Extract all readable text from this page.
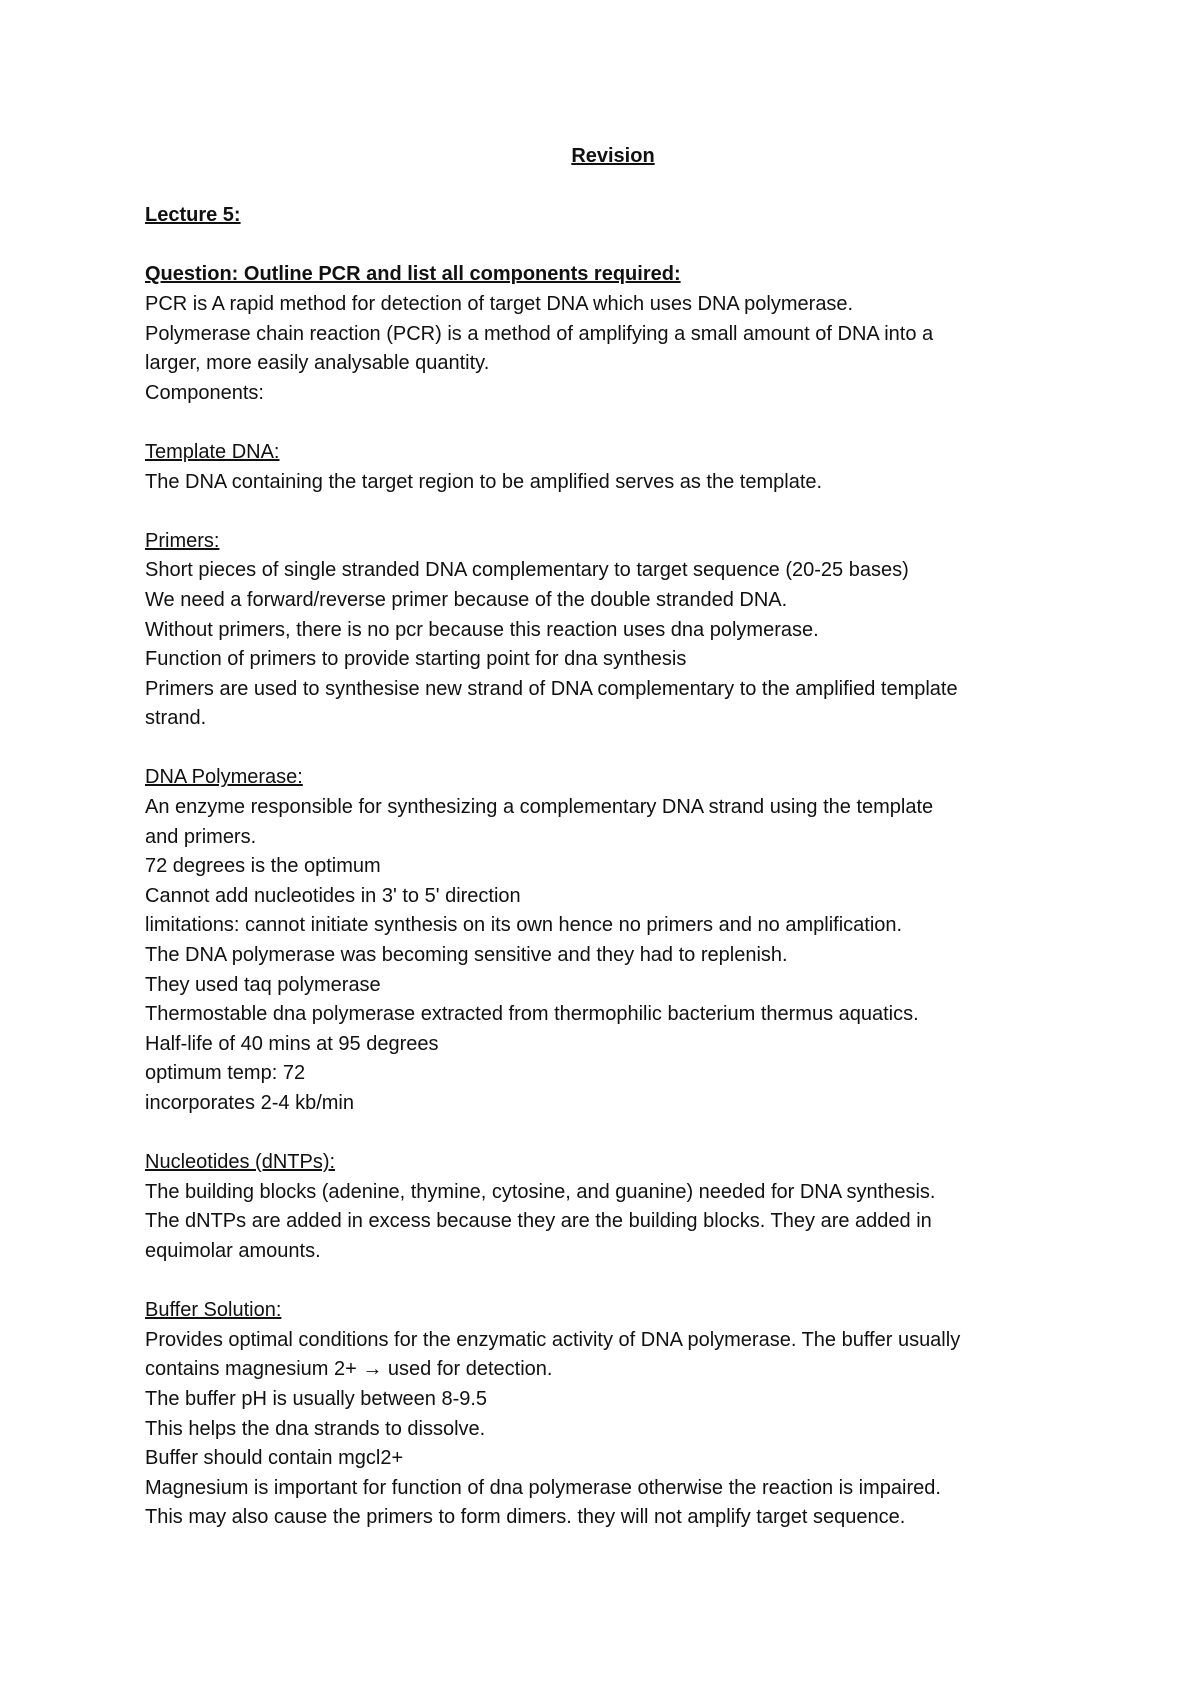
Revision

Lecture 5:

Question: Outline PCR and list all components required:

PCR is A rapid method for detection of target DNA which uses DNA polymerase.

Polymerase chain reaction (PCR) is a method of amplifying a small amount of DNA into a

larger, more easily analysable quantity.

Components:

Template DNA:

The DNA containing the target region to be amplified serves as the template.

Primers:

Short pieces of single stranded DNA complementary to target sequence (20-25 bases)

We need a forward/reverse primer because of the double stranded DNA.

Without primers, there is no pcr because this reaction uses dna polymerase.

Function of primers to provide starting point for dna synthesis

Primers are used to synthesise new strand of DNA complementary to the amplified template

strand.

DNA Polymerase:

An enzyme responsible for synthesizing a complementary DNA strand using the template

and primers.

72 degrees is the optimum

Cannot add nucleotides in 3' to 5' direction

limitations: cannot initiate synthesis on its own hence no primers and no amplification.

The DNA polymerase was becoming sensitive and they had to replenish.

They used taq polymerase

Thermostable dna polymerase extracted from thermophilic bacterium thermus aquatics.

Half-life of 40 mins at 95 degrees

optimum temp: 72

incorporates 2-4 kb/min

Nucleotides (dNTPs):

The building blocks (adenine, thymine, cytosine, and guanine) needed for DNA synthesis.

The dNTPs are added in excess because they are the building blocks. They are added in

equimolar amounts.

Buffer Solution:

Provides optimal conditions for the enzymatic activity of DNA polymerase. The buffer usually

contains magnesium 2+ → used for detection.

The buffer pH is usually between 8-9.5

This helps the dna strands to dissolve.

Buffer should contain mgcl2+

Magnesium is important for function of dna polymerase otherwise the reaction is impaired.

This may also cause the primers to form dimers. they will not amplify target sequence.
